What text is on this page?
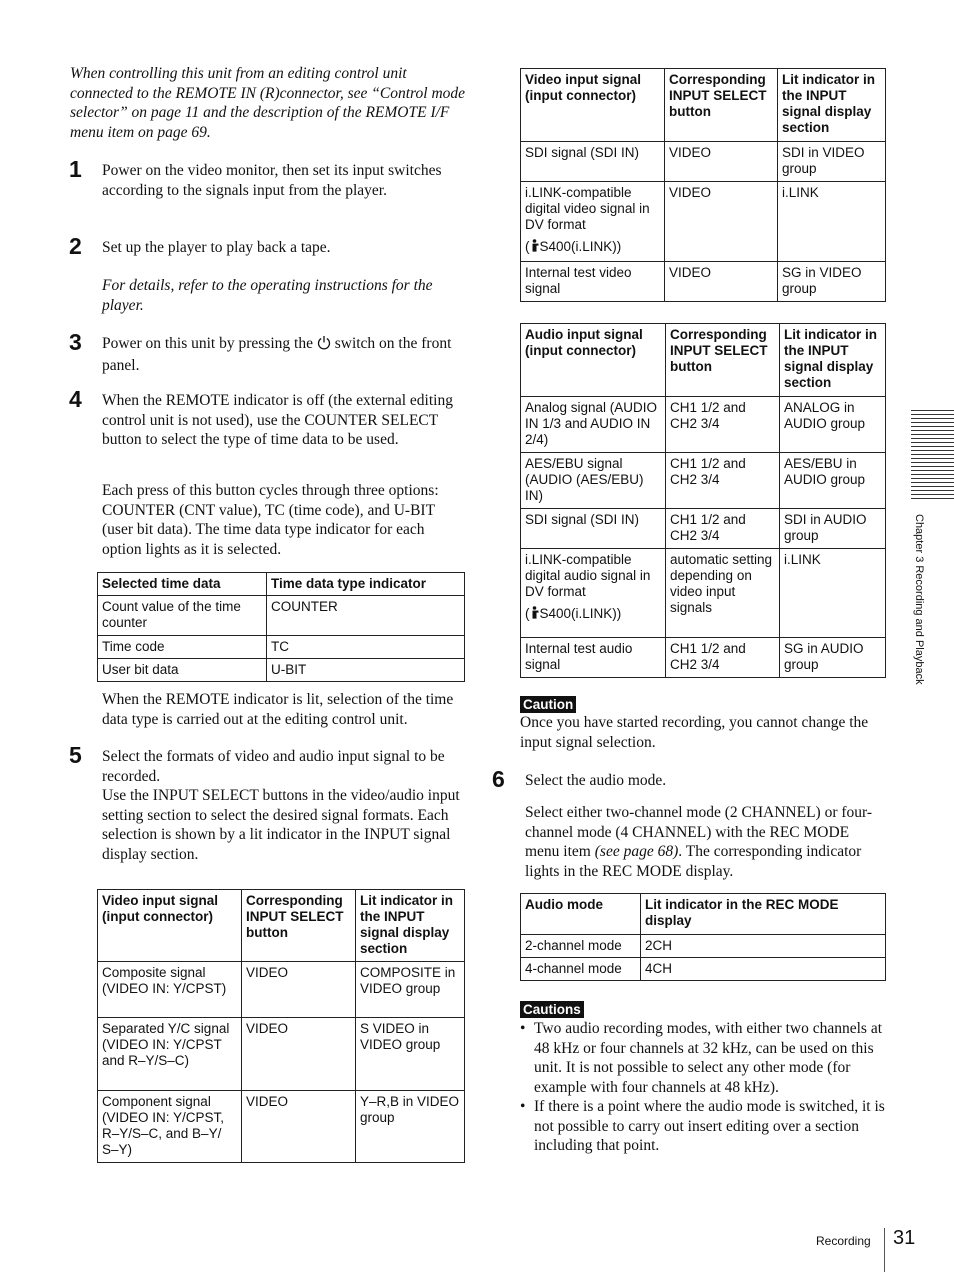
When controlling this unit from an editing control unit connected to the REMOTE IN (R)connector, see “Control mode selector” on page 11 and the description of the REMOTE I/F menu item on page 69.
1 Power on the video monitor, then set its input switches according to the signals input from the player.
2 Set up the player to play back a tape.
For details, refer to the operating instructions for the player.
3 Power on this unit by pressing the switch on the front panel.
4 When the REMOTE indicator is off (the external editing control unit is not used), use the COUNTER SELECT button to select the type of time data to be used.
Each press of this button cycles through three options: COUNTER (CNT value), TC (time code), and U-BIT (user bit data). The time data type indicator for each option lights as it is selected.
Selected time data	Time data type indicator
Count value of the time counter	COUNTER
Time code	TC
User bit data	U-BIT
When the REMOTE indicator is lit, selection of the time data type is carried out at the editing control unit.
5 Select the formats of video and audio input signal to be recorded.
Use the INPUT SELECT buttons in the video/audio input setting section to select the desired signal formats. Each selection is shown by a lit indicator in the INPUT signal display section.
Video input signal (input connector)	Corresponding INPUT SELECT button	Lit indicator in the INPUT signal display section
Composite signal (VIDEO IN: Y/CPST)	VIDEO	COMPOSITE in VIDEO group
Separated Y/C signal (VIDEO IN: Y/CPST and R–Y/S–C)	VIDEO	S VIDEO in VIDEO group
Component signal (VIDEO IN: Y/CPST, R–Y/S–C, and B–Y/ S–Y)	VIDEO	Y–R,B in VIDEO group
Video input signal (input connector)	Corresponding INPUT SELECT button	Lit indicator in the INPUT signal display section
SDI signal (SDI IN)	VIDEO	SDI in VIDEO group

i.LINK-compatible digital video signal in DV format
( S400(i.LINK))	VIDEO	i.LINK
Internal test video signal	VIDEO	SG in VIDEO group
Audio input signal (input connector)	Corresponding INPUT SELECT button	Lit indicator in the INPUT signal display section
Analog signal (AUDIO IN 1/3 and AUDIO IN 2/4)	CH1 1/2 and CH2 3/4	ANALOG in AUDIO group
AES/EBU signal (AUDIO (AES/EBU) IN)	CH1 1/2 and CH2 3/4	AES/EBU in AUDIO group
SDI signal (SDI IN)	CH1 1/2 and CH2 3/4	SDI in AUDIO group

i.LINK-compatible digital audio signal in DV format
( S400(i.LINK))	automatic setting depending on video input signals	i.LINK
Internal test audio signal	CH1 1/2 and CH2 3/4	SG in AUDIO group
Caution
Once you have started recording, you cannot change the input signal selection.
6 Select the audio mode.
Select either two-channel mode (2 CHANNEL) or four-channel mode (4 CHANNEL) with the REC MODE menu item (see page 68). The corresponding indicator lights in the REC MODE display.
Audio mode	Lit indicator in the REC MODE display
2-channel mode	2CH
4-channel mode	4CH
Cautions
• Two audio recording modes, with either two channels at 48 kHz or four channels at 32 kHz, can be used on this unit. It is not possible to select any other mode (for example with four channels at 48 kHz).
• If there is a point where the audio mode is switched, it is not possible to carry out insert editing over a section including that point.
Chapter 3 Recording and Playback
Recording 31
